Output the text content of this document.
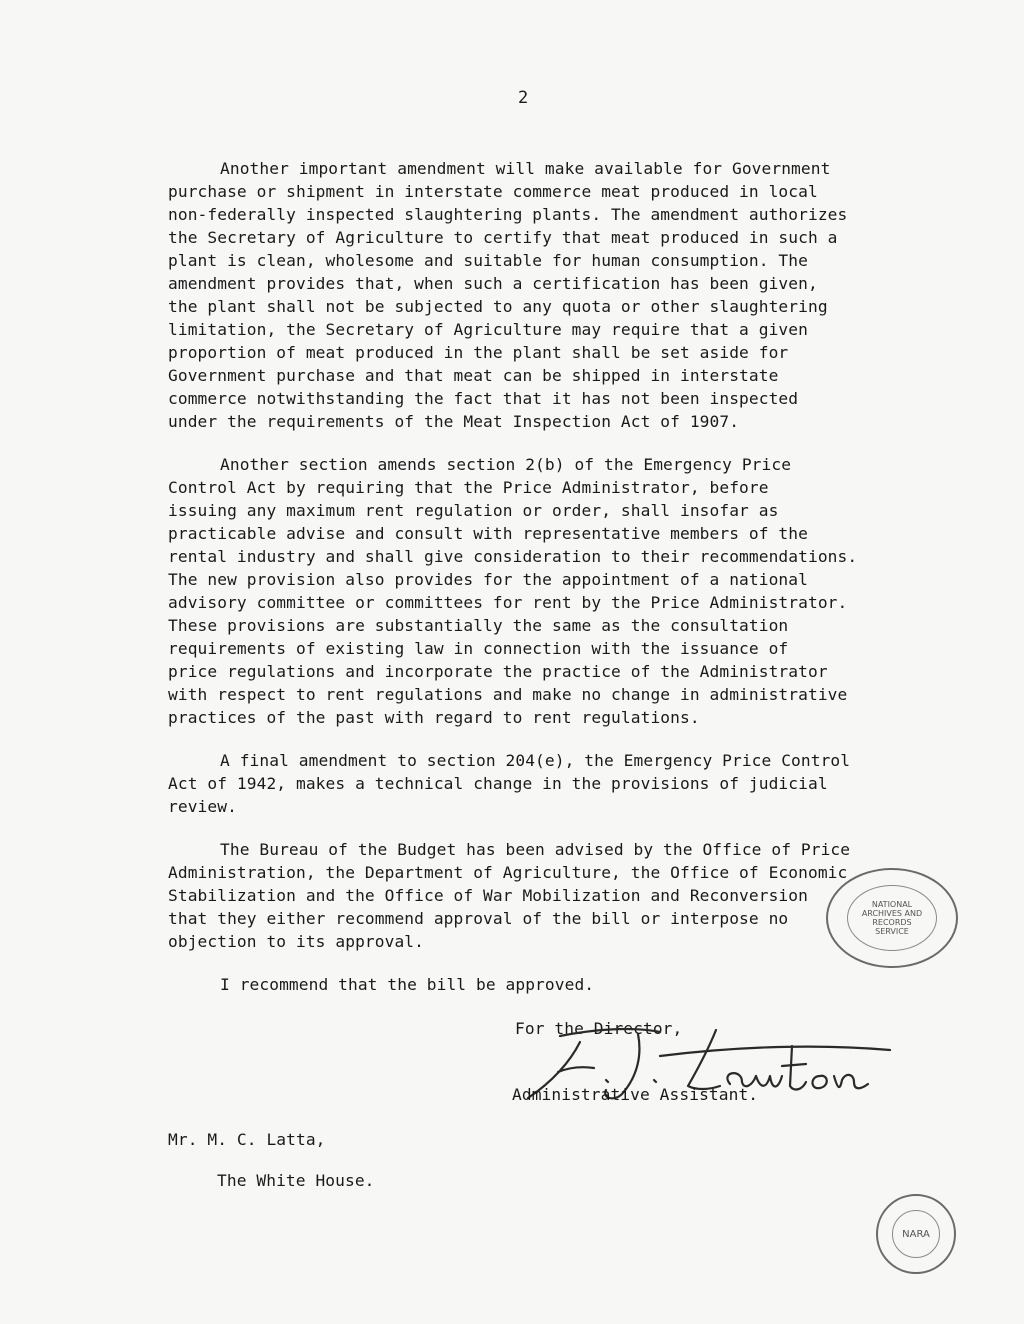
2
Another important amendment will make available for Government
purchase or shipment in interstate commerce meat produced in local
non-federally inspected slaughtering plants. The amendment authorizes
the Secretary of Agriculture to certify that meat produced in such a
plant is clean, wholesome and suitable for human consumption. The
amendment provides that, when such a certification has been given,
the plant shall not be subjected to any quota or other slaughtering
limitation, the Secretary of Agriculture may require that a given
proportion of meat produced in the plant shall be set aside for
Government purchase and that meat can be shipped in interstate
commerce notwithstanding the fact that it has not been inspected
under the requirements of the Meat Inspection Act of 1907.
Another section amends section 2(b) of the Emergency Price
Control Act by requiring that the Price Administrator, before
issuing any maximum rent regulation or order, shall insofar as
practicable advise and consult with representative members of the
rental industry and shall give consideration to their recommendations.
The new provision also provides for the appointment of a national
advisory committee or committees for rent by the Price Administrator.
These provisions are substantially the same as the consultation
requirements of existing law in connection with the issuance of
price regulations and incorporate the practice of the Administrator
with respect to rent regulations and make no change in administrative
practices of the past with regard to rent regulations.
A final amendment to section 204(e), the Emergency Price Control
Act of 1942, makes a technical change in the provisions of judicial
review.
The Bureau of the Budget has been advised by the Office of Price
Administration, the Department of Agriculture, the Office of Economic
Stabilization and the Office of War Mobilization and Reconversion
that they either recommend approval of the bill or interpose no
objection to its approval.
I recommend that the bill be approved.
For the Director,
Administrative Assistant.
Mr. M. C. Latta,
The White House.
NATIONAL
ARCHIVES AND
RECORDS
SERVICE
NARA
